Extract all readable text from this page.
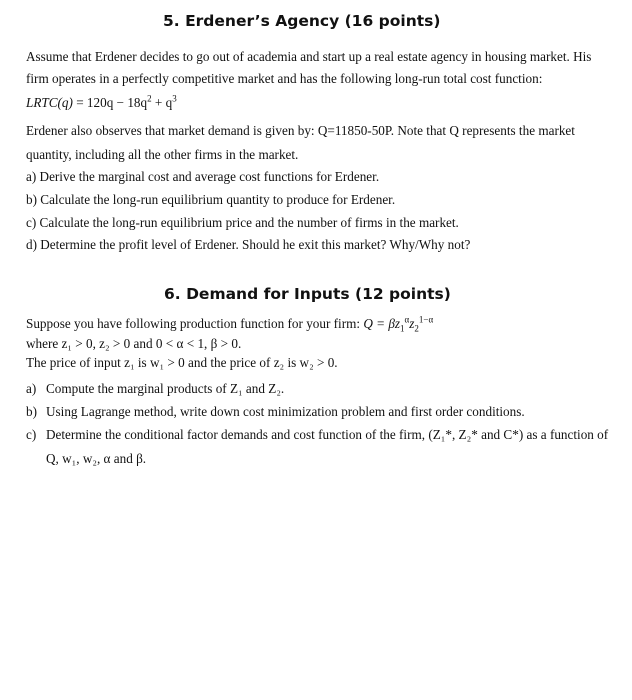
5. Erdener’s Agency (16 points)
Assume that Erdener decides to go out of academia and start up a real estate agency in housing market. His
firm operates in a perfectly competitive market and has the following long-run total cost function:
LRTC(q) = $120q - 18q^2 + q^3$
Erdener also observes that market demand is given by: Q=11850-50P. Note that Q represents the market
quantity, including all the other firms in the market.
a) Derive the marginal cost and average cost functions for Erdener.
b) Calculate the long-run equilibrium quantity to produce for Erdener.
c) Calculate the long-run equilibrium price and the number of firms in the market.
d) Determine the profit level of Erdener. Should he exit this market? Why/Why not?
6. Demand for Inputs (12 points)
Suppose you have following production function for your firm: $Q = \beta z_1^\alpha z_2^{1-\alpha}$
where z₁ > 0, z₂ > 0 and 0 < α < 1, β > 0.
The price of input z₁ is w₁ > 0 and the price of z₂ is w₂ > 0.
a) Compute the marginal products of Z₁ and Z₂.
b) Using Lagrange method, write down cost minimization problem and first order conditions.
c) Determine the conditional factor demands and cost function of the firm, (Z₁*, Z₂* and C*) as a function of
Q, w₁, w₂, α and β.
